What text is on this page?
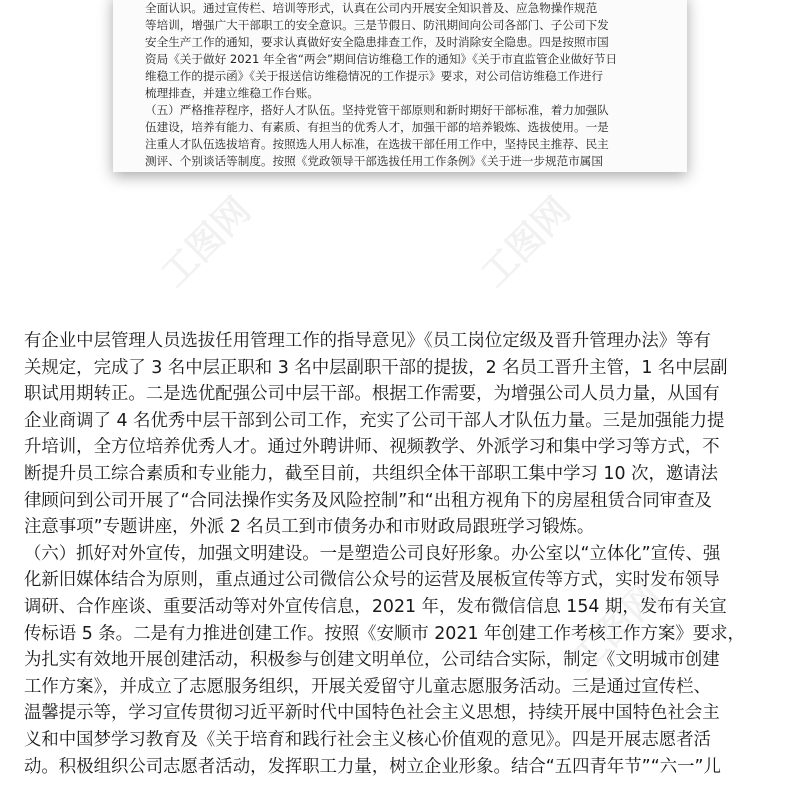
全面认识。通过宣传栏、培训等形式，认真在公司内开展安全知识普及、应急物操作规范
等培训，增强广大干部职工的安全意识。三是节假日、防汛期间向公司各部门、子公司下发
安全生产工作的通知，要求认真做好安全隐患排查工作，及时消除安全隐患。四是按照市国
资局《关于做好 2021 年全省“两会”期间信访维稳工作的通知》《关于市直监管企业做好节日
维稳工作的提示函》《关于报送信访维稳情况的工作提示》要求，对公司信访维稳工作进行
梳理排查，并建立维稳工作台账。
（五）严格推荐程序，搭好人才队伍。坚持党管干部原则和新时期好干部标准，着力加强队
伍建设，培养有能力、有素质、有担当的优秀人才，加强干部的培养锻炼、选拔使用。一是
注重人才队伍选拔培育。按照选人用人标准，在选拔干部任用工作中，坚持民主推荐、民主
测评、个别谈话等制度。按照《党政领导干部选拔任用工作条例》《关于进一步规范市属国
工图网	工图网
工图网
有企业中层管理人员选拔任用管理工作的指导意见》《员工岗位定级及晋升管理办法》等有
关规定，完成了 3 名中层正职和 3 名中层副职干部的提拔，2 名员工晋升主管，1 名中层副
职试用期转正。二是选优配强公司中层干部。根据工作需要，为增强公司人员力量，从国有
企业商调了 4 名优秀中层干部到公司工作，充实了公司干部人才队伍力量。三是加强能力提
升培训，全方位培养优秀人才。通过外聘讲师、视频教学、外派学习和集中学习等方式，不
断提升员工综合素质和专业能力，截至目前，共组织全体干部职工集中学习 10 次，邀请法
律顾问到公司开展了“合同法操作实务及风险控制”和“出租方视角下的房屋租赁合同审查及
注意事项”专题讲座，外派 2 名员工到市债务办和市财政局跟班学习锻炼。
（六）抓好对外宣传，加强文明建设。一是塑造公司良好形象。办公室以“立体化”宣传、强
化新旧媒体结合为原则，重点通过公司微信公众号的运营及展板宣传等方式，实时发布领导
调研、合作座谈、重要活动等对外宣传信息，2021 年，发布微信信息 154 期，发布有关宣
传标语 5 条。二是有力推进创建工作。按照《安顺市 2021 年创建工作考核工作方案》要求，
为扎实有效地开展创建活动，积极参与创建文明单位，公司结合实际，制定《文明城市创建
工作方案》，并成立了志愿服务组织，开展关爱留守儿童志愿服务活动。三是通过宣传栏、
温馨提示等，学习宣传贯彻习近平新时代中国特色社会主义思想，持续开展中国特色社会主
义和中国梦学习教育及《关于培育和践行社会主义核心价值观的意见》。四是开展志愿者活
动。积极组织公司志愿者活动，发挥职工力量，树立企业形象。结合“五四青年节”“六一”儿
